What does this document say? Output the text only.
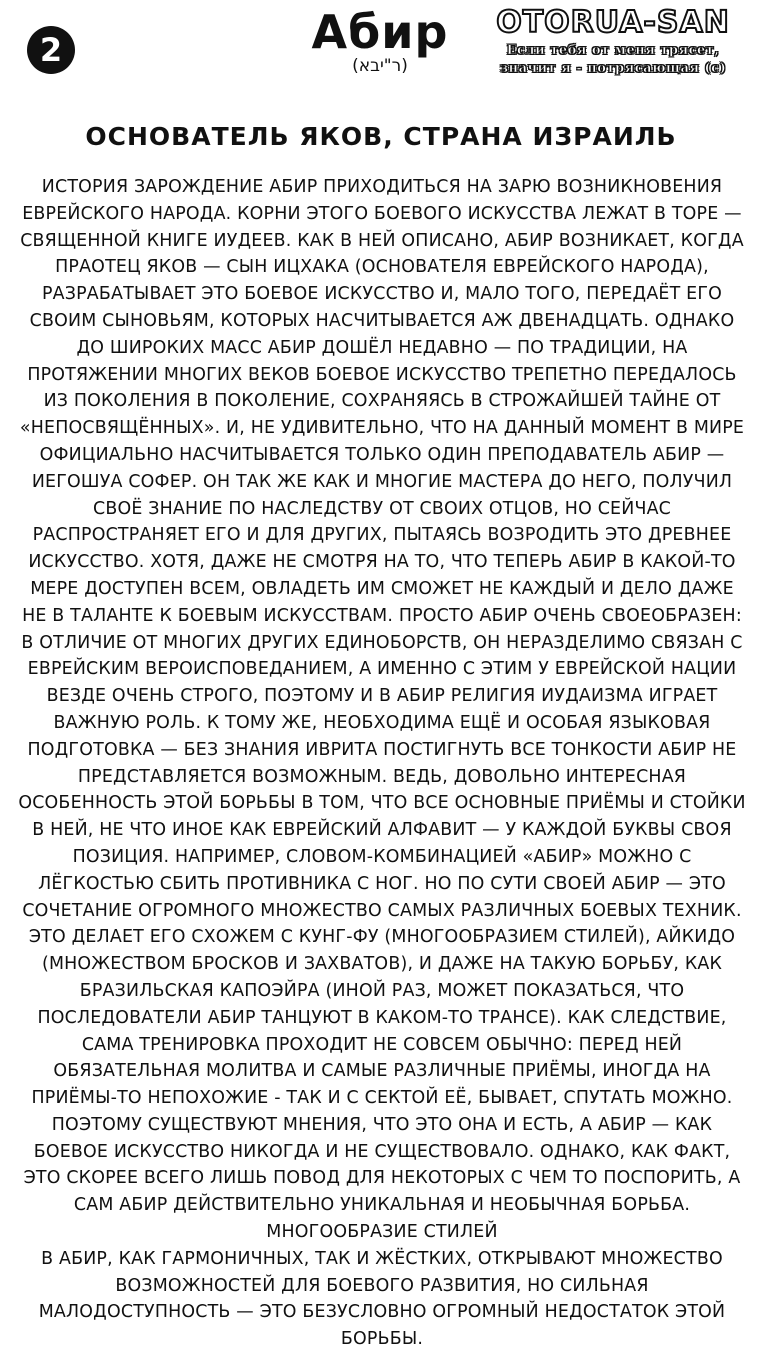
2	Абир
(ר"יבא)
OTORUA-SAN
Если тебя от меня трясет,
значит я - потрясающая (с)
ОСНОВАТЕЛЬ ЯКОВ, СТРАНА ИЗРАИЛЬ

ИСТОРИЯ ЗАРОЖДЕНИЕ АБИР ПРИХОДИТЬСЯ НА ЗАРЮ ВОЗНИКНОВЕНИЯ ЕВРЕЙСКОГО НАРОДА. КОРНИ ЭТОГО БОЕВОГО ИСКУССТВА ЛЕЖАТ В ТОРЕ — СВЯЩЕННОЙ КНИГЕ ИУДЕЕВ. КАК В НЕЙ ОПИСАНО, АБИР ВОЗНИКАЕТ, КОГДА ПРАОТЕЦ ЯКОВ — СЫН ИЦХАКА (ОСНОВАТЕЛЯ ЕВРЕЙСКОГО НАРОДА), РАЗРАБАТЫВАЕТ ЭТО БОЕВОЕ ИСКУССТВО И, МАЛО ТОГО, ПЕРЕДАЁТ ЕГО СВОИМ СЫНОВЬЯМ, КОТОРЫХ НАСЧИТЫВАЕТСЯ АЖ ДВЕНАДЦАТЬ. ОДНАКО ДО ШИРОКИХ МАСС АБИР ДОШЁЛ НЕДАВНО — ПО ТРАДИЦИИ, НА ПРОТЯЖЕНИИ МНОГИХ ВЕКОВ БОЕВОЕ ИСКУССТВО ТРЕПЕТНО ПЕРЕДАЛОСЬ ИЗ ПОКОЛЕНИЯ В ПОКОЛЕНИЕ, СОХРАНЯЯСЬ В СТРОЖАЙШЕЙ ТАЙНЕ ОТ «НЕПОСВЯЩЁННЫХ». И, НЕ УДИВИТЕЛЬНО, ЧТО НА ДАННЫЙ МОМЕНТ В МИРЕ ОФИЦИАЛЬНО НАСЧИТЫВАЕТСЯ ТОЛЬКО ОДИН ПРЕПОДАВАТЕЛЬ АБИР — ИЕГОШУА СОФЕР. ОН ТАК ЖЕ КАК И МНОГИЕ МАСТЕРА ДО НЕГО, ПОЛУЧИЛ СВОЁ ЗНАНИЕ ПО НАСЛЕДСТВУ ОТ СВОИХ ОТЦОВ, НО СЕЙЧАС РАСПРОСТРАНЯЕТ ЕГО И ДЛЯ ДРУГИХ, ПЫТАЯСЬ ВОЗРОДИТЬ ЭТО ДРЕВНЕЕ ИСКУССТВО. ХОТЯ, ДАЖЕ НЕ СМОТРЯ НА ТО, ЧТО ТЕПЕРЬ АБИР В КАКОЙ-ТО МЕРЕ ДОСТУПЕН ВСЕМ, ОВЛАДЕТЬ ИМ СМОЖЕТ НЕ КАЖДЫЙ И ДЕЛО ДАЖЕ НЕ В ТАЛАНТЕ К БОЕВЫМ ИСКУССТВАМ. ПРОСТО АБИР ОЧЕНЬ СВОЕОБРАЗЕН: В ОТЛИЧИЕ ОТ МНОГИХ ДРУГИХ ЕДИНОБОРСТВ, ОН НЕРАЗДЕЛИМО СВЯЗАН С ЕВРЕЙСКИМ ВЕРОИСПОВЕДАНИЕМ, А ИМЕННО С ЭТИМ У ЕВРЕЙСКОЙ НАЦИИ ВЕЗДЕ ОЧЕНЬ СТРОГО, ПОЭТОМУ И В АБИР РЕЛИГИЯ ИУДАИЗМА ИГРАЕТ ВАЖНУЮ РОЛЬ. К ТОМУ ЖЕ, НЕОБХОДИМА ЕЩЁ И ОСОБАЯ ЯЗЫКОВАЯ ПОДГОТОВКА — БЕЗ ЗНАНИЯ ИВРИТА ПОСТИГНУТЬ ВСЕ ТОНКОСТИ АБИР НЕ ПРЕДСТАВЛЯЕТСЯ ВОЗМОЖНЫМ. ВЕДЬ, ДОВОЛЬНО ИНТЕРЕСНАЯ ОСОБЕННОСТЬ ЭТОЙ БОРЬБЫ В ТОМ, ЧТО ВСЕ ОСНОВНЫЕ ПРИЁМЫ И СТОЙКИ В НЕЙ, НЕ ЧТО ИНОЕ КАК ЕВРЕЙСКИЙ АЛФАВИТ — У КАЖДОЙ БУКВЫ СВОЯ ПОЗИЦИЯ. НАПРИМЕР, СЛОВОМ-КОМБИНАЦИЕЙ «АБИР» МОЖНО С ЛЁГКОСТЬЮ СБИТЬ ПРОТИВНИКА С НОГ. НО ПО СУТИ СВОЕЙ АБИР — ЭТО СОЧЕТАНИЕ ОГРОМНОГО МНОЖЕСТВО САМЫХ РАЗЛИЧНЫХ БОЕВЫХ ТЕХНИК. ЭТО ДЕЛАЕТ ЕГО СХОЖЕМ С КУНГ-ФУ (МНОГООБРАЗИЕМ СТИЛЕЙ), АЙКИДО (МНОЖЕСТВОМ БРОСКОВ И ЗАХВАТОВ), И ДАЖЕ НА ТАКУЮ БОРЬБУ, КАК БРАЗИЛЬСКАЯ КАПОЭЙРА (ИНОЙ РАЗ, МОЖЕТ ПОКАЗАТЬСЯ, ЧТО ПОСЛЕДОВАТЕЛИ АБИР ТАНЦУЮТ В КАКОМ-ТО ТРАНСЕ). КАК СЛЕДСТВИЕ, САМА ТРЕНИРОВКА ПРОХОДИТ НЕ СОВСЕМ ОБЫЧНО: ПЕРЕД НЕЙ ОБЯЗАТЕЛЬНАЯ МОЛИТВА И САМЫЕ РАЗЛИЧНЫЕ ПРИЁМЫ, ИНОГДА НА ПРИЁМЫ-ТО НЕПОХОЖИЕ - ТАК И С СЕКТОЙ ЕЁ, БЫВАЕТ, СПУТАТЬ МОЖНО. ПОЭТОМУ СУЩЕСТВУЮТ МНЕНИЯ, ЧТО ЭТО ОНА И ЕСТЬ, А АБИР — КАК БОЕВОЕ ИСКУССТВО НИКОГДА И НЕ СУЩЕСТВОВАЛО. ОДНАКО, КАК ФАКТ, ЭТО СКОРЕЕ ВСЕГО ЛИШЬ ПОВОД ДЛЯ НЕКОТОРЫХ С ЧЕМ ТО ПОСПОРИТЬ, А САМ АБИР ДЕЙСТВИТЕЛЬНО УНИКАЛЬНАЯ И НЕОБЫЧНАЯ БОРЬБА.

МНОГООБРАЗИЕ СТИЛЕЙ

В АБИР, КАК ГАРМОНИЧНЫХ, ТАК И ЖЁСТКИХ, ОТКРЫВАЮТ МНОЖЕСТВО ВОЗМОЖНОСТЕЙ ДЛЯ БОЕВОГО РАЗВИТИЯ, НО СИЛЬНАЯ МАЛОДОСТУПНОСТЬ — ЭТО БЕЗУСЛОВНО ОГРОМНЫЙ НЕДОСТАТОК ЭТОЙ БОРЬБЫ.
